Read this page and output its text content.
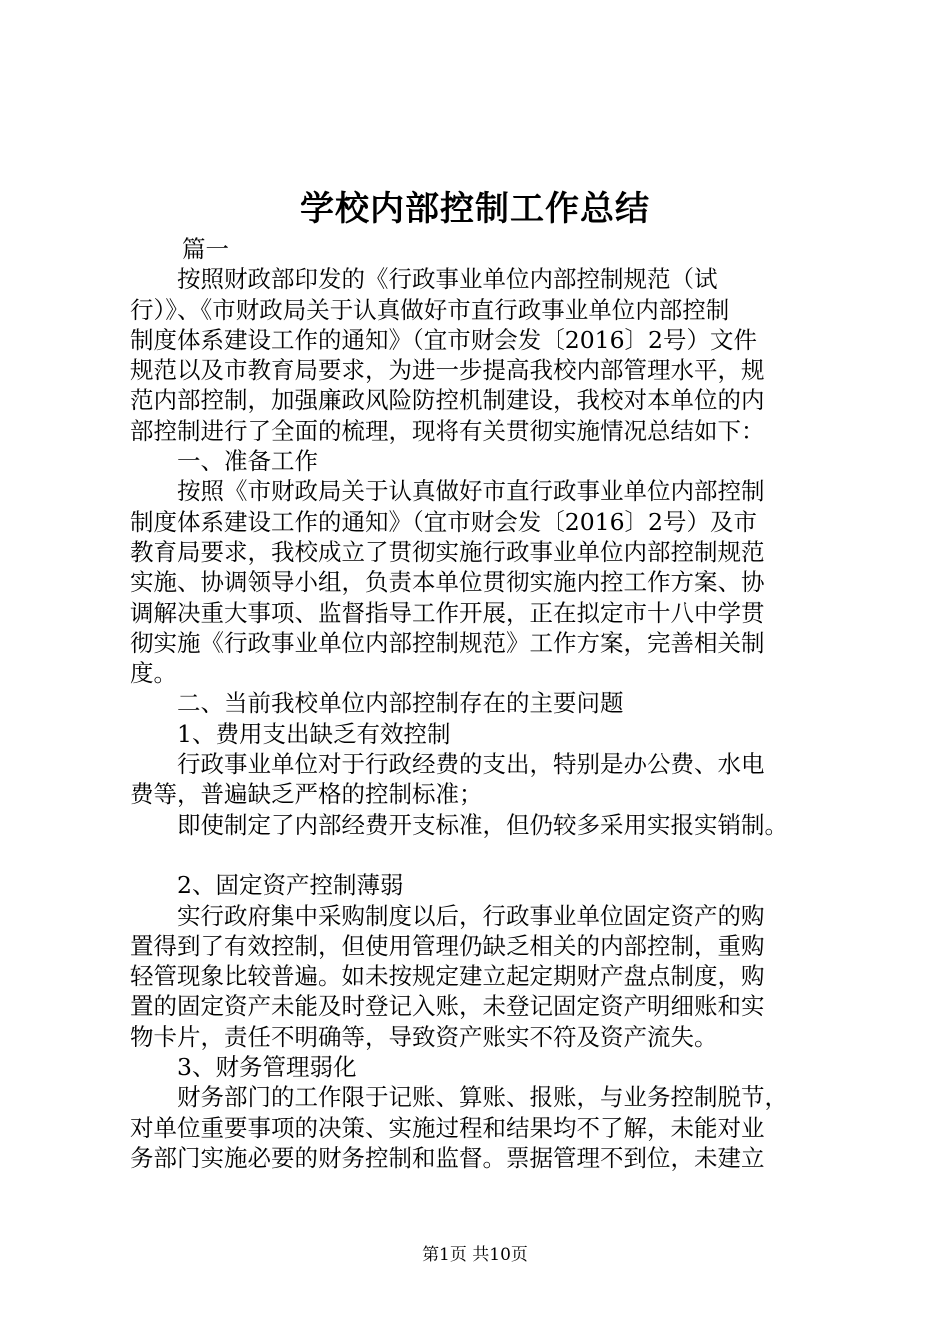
学校内部控制工作总结
篇一
按照财政部印发的《行政事业单位内部控制规范（试
行）》、《市财政局关于认真做好市直行政事业单位内部控制
制度体系建设工作的通知》（宜市财会发〔2016〕2号）文件
规范以及市教育局要求，为进一步提高我校内部管理水平，规
范内部控制，加强廉政风险防控机制建设，我校对本单位的内
部控制进行了全面的梳理，现将有关贯彻实施情况总结如下：
一、准备工作
按照《市财政局关于认真做好市直行政事业单位内部控制
制度体系建设工作的通知》（宜市财会发〔2016〕2号）及市
教育局要求，我校成立了贯彻实施行政事业单位内部控制规范
实施、协调领导小组，负责本单位贯彻实施内控工作方案、协
调解决重大事项、监督指导工作开展，正在拟定市十八中学贯
彻实施《行政事业单位内部控制规范》工作方案，完善相关制
度。
二、当前我校单位内部控制存在的主要问题
1、费用支出缺乏有效控制
行政事业单位对于行政经费的支出，特别是办公费、水电
费等，普遍缺乏严格的控制标准；
即使制定了内部经费开支标准，但仍较多采用实报实销制。
2、固定资产控制薄弱
实行政府集中采购制度以后，行政事业单位固定资产的购
置得到了有效控制，但使用管理仍缺乏相关的内部控制，重购
轻管现象比较普遍。如未按规定建立起定期财产盘点制度，购
置的固定资产未能及时登记入账，未登记固定资产明细账和实
物卡片，责任不明确等，导致资产账实不符及资产流失。
3、财务管理弱化
财务部门的工作限于记账、算账、报账，与业务控制脱节，
对单位重要事项的决策、实施过程和结果均不了解，未能对业
务部门实施必要的财务控制和监督。票据管理不到位，未建立
第1页 共10页
